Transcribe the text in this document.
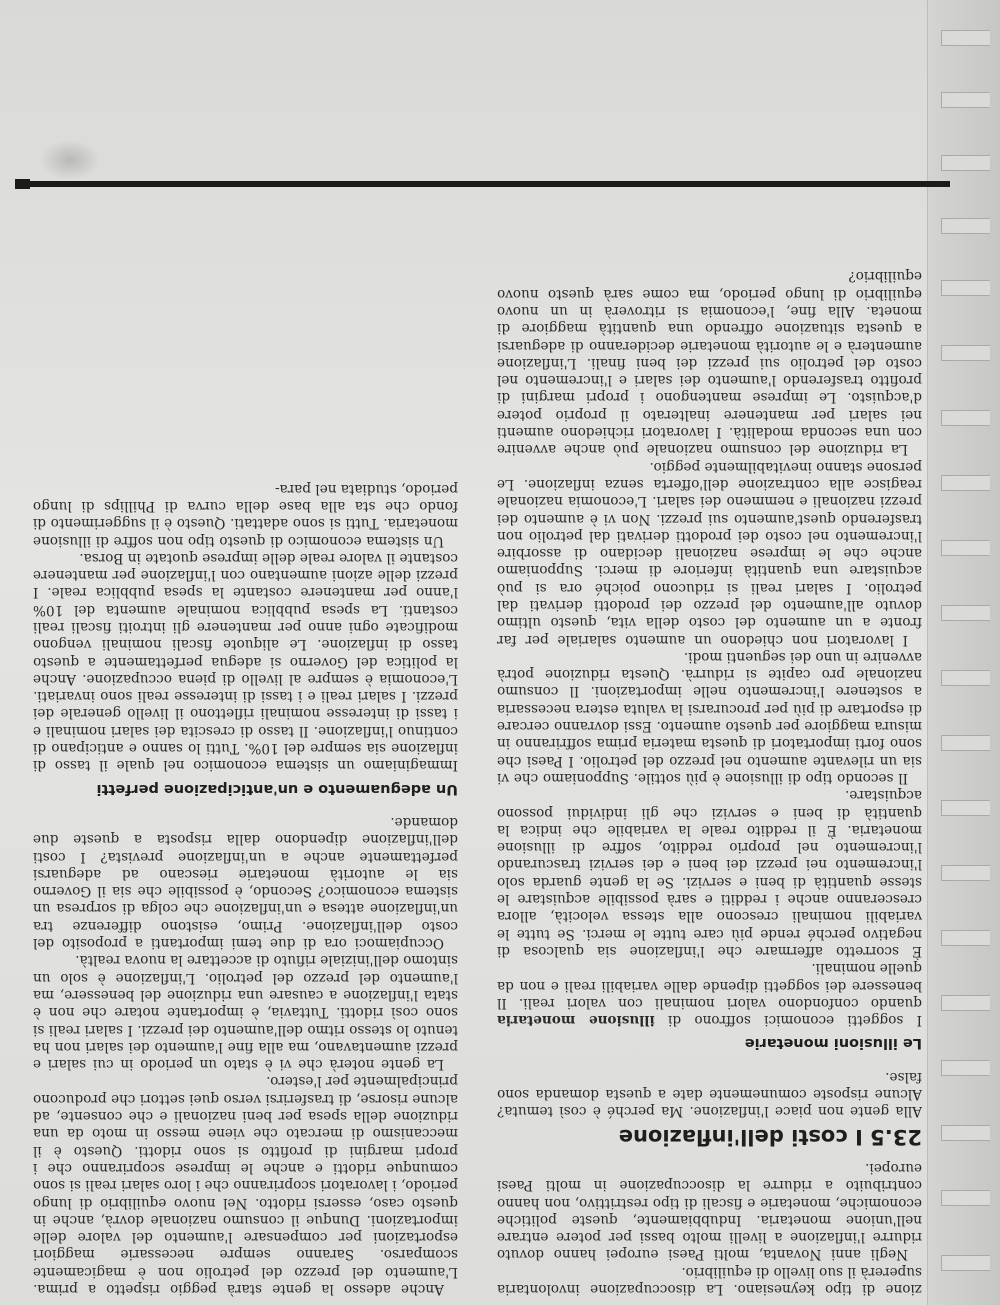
zione di tipo keynesiano. La disoccupazione involontaria supererà il suo livello di equilibrio.

Negli anni Novanta, molti Paesi europei hanno dovuto ridurre l'inflazione a livelli molto bassi per potere entrare nell'unione monetaria. Indubbiamente, queste politiche economiche, monetarie e fiscali di tipo restrittivo, non hanno contribuito a ridurre la disoccupazione in molti Paesi europei.

23.5 I costi dell'inflazione

Alla gente non piace l'inflazione. Ma perché è così temuta? Alcune risposte comunemente date a questa domanda sono false.

Le illusioni monetarie

I soggetti economici soffrono di illusione monetaria quando confondono valori nominali con valori reali. Il benessere dei soggetti dipende dalle variabili reali e non da quelle nominali.

È scorretto affermare che l'inflazione sia qualcosa di negativo perché rende più care tutte le merci. Se tutte le variabili nominali crescono alla stessa velocità, allora cresceranno anche i redditi e sarà possibile acquistare le stesse quantità di beni e servizi. Se la gente guarda solo l'incremento nei prezzi dei beni e dei servizi trascurando l'incremento nel proprio reddito, soffre di illusione monetaria. È il reddito reale la variabile che indica la quantità di beni e servizi che gli individui possono acquistare.

Il secondo tipo di illusione è più sottile. Supponiamo che vi sia un rilevante aumento nel prezzo del petrolio. I Paesi che sono forti importatori di questa materia prima soffriranno in misura maggiore per questo aumento. Essi dovranno cercare di esportare di più per procurarsi la valuta estera necessaria a sostenere l'incremento nelle importazioni. Il consumo nazionale pro capite si ridurrà. Questa riduzione potrà avvenire in uno dei seguenti modi.

I lavoratori non chiedono un aumento salariale per far fronte a un aumento del costo della vita, questo ultimo dovuto all'aumento del prezzo dei prodotti derivati dal petrolio. I salari reali si riducono poiché ora si può acquistare una quantità inferiore di merci. Supponiamo anche che le imprese nazionali decidano di assorbire l'incremento nel costo dei prodotti derivati dal petrolio non trasferendo quest'aumento sui prezzi. Non vi è aumento dei prezzi nazionali e nemmeno dei salari. L'economia nazionale reagisce alla contrazione dell'offerta senza inflazione. Le persone stanno inevitabilmente peggio.

La riduzione del consumo nazionale può anche avvenire con una seconda modalità. I lavoratori richiedono aumenti nei salari per mantenere inalterato il proprio potere d'acquisto. Le imprese mantengono i propri margini di profitto trasferendo l'aumento dei salari e l'incremento nel costo del petrolio sui prezzi dei beni finali. L'inflazione aumenterà e le autorità monetarie decideranno di adeguarsi a questa situazione offrendo una quantità maggiore di moneta. Alla fine, l'economia si ritroverà in un nuovo equilibrio di lungo periodo, ma come sarà questo nuovo equilibrio?

Anche adesso la gente starà peggio rispetto a prima. L'aumento del prezzo del petrolio non è magicamente scomparso. Saranno sempre necessarie maggiori esportazioni per compensare l'aumento del valore delle importazioni. Dunque il consumo nazionale dovrà, anche in questo caso, essersi ridotto. Nel nuovo equilibrio di lungo periodo, i lavoratori scopriranno che i loro salari reali si sono comunque ridotti e anche le imprese scopriranno che i propri margini di profitto si sono ridotti. Questo è il meccanismo di mercato che viene messo in moto da una riduzione della spesa per beni nazionali e che consente, ad alcune risorse, di trasferirsi verso quei settori che producono principalmente per l'estero.

La gente noterà che vi è stato un periodo in cui salari e prezzi aumentavano, ma alla fine l'aumento dei salari non ha tenuto lo stesso ritmo dell'aumento dei prezzi. I salari reali si sono così ridotti. Tuttavia, è importante notare che non è stata l'inflazione a causare una riduzione del benessere, ma l'aumento del prezzo del petrolio. L'inflazione è solo un sintomo dell'iniziale rifiuto di accettare la nuova realtà.

Occupiamoci ora di due temi importanti a proposito del costo dell'inflazione. Primo, esistono differenze tra un'inflazione attesa e un'inflazione che colga di sorpresa un sistema economico? Secondo, è possibile che sia il Governo sia le autorità monetarie riescano ad adeguarsi perfettamente anche a un'inflazione prevista? I costi dell'inflazione dipendono dalla risposta a queste due domande.

Un adeguamento e un'anticipazione perfetti

Immaginiamo un sistema economico nel quale il tasso di inflazione sia sempre del 10%. Tutti lo sanno e anticipano di continuo l'inflazione. Il tasso di crescita dei salari nominali e i tassi di interesse nominali riflettono il livello generale dei prezzi. I salari reali e i tassi di interesse reali sono invariati. L'economia è sempre al livello di piena occupazione. Anche la politica del Governo si adegua perfettamente a questo tasso di inflazione. Le aliquote fiscali nominali vengono modificate ogni anno per mantenere gli introiti fiscali reali costanti. La spesa pubblica nominale aumenta del 10% l'anno per mantenere costante la spesa pubblica reale. I prezzi delle azioni aumentano con l'inflazione per mantenere costante il valore reale delle imprese quotate in Borsa.

Un sistema economico di questo tipo non soffre di illusione monetaria. Tutti si sono adattati. Questo è il suggerimento di fondo che sta alla base della curva di Phillips di lungo periodo, studiata nel para-
